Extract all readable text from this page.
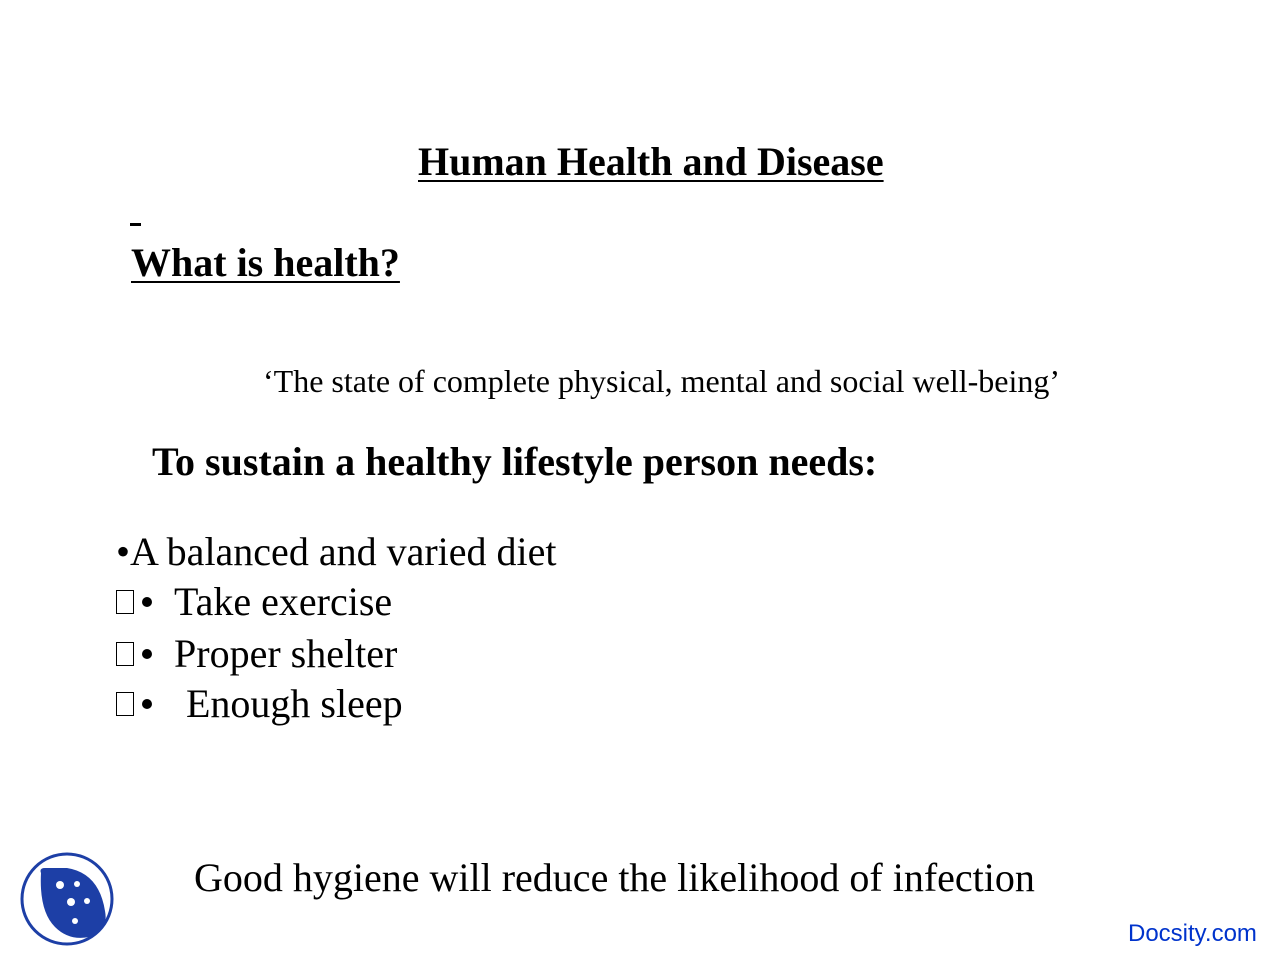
Human Health and Disease
What is health?
‘The state of complete physical, mental and social well-being’
To sustain a healthy lifestyle person needs:
•A balanced and varied diet
Take exercise
Proper shelter
Enough sleep
Good hygiene will reduce the likelihood of infection
Docsity.com
